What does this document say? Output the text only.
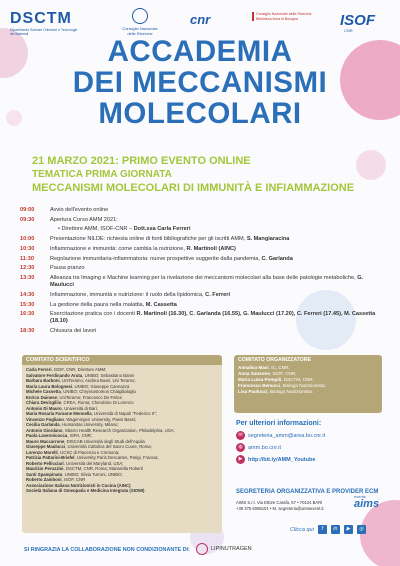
DSCTM
Dipartimento Scienze Chimiche e Tecnologie dei Materiali
Consiglio Nazionale delle Ricerche
cnr	Consiglio Nazionale delle Ricerche Biblioteca Area di Bologna	ISOF
CNR
ACCADEMIA
DEI MECCANISMI
MOLECOLARI
21 MARZO 2021: PRIMO EVENTO ONLINE
TEMATICA PRIMA GIORNATA
MECCANISMI MOLECOLARI DI IMMUNITÀ E INFIAMMAZIONE
09:00	Avvio dell'evento online
09:30	Apertura Corso AMM 2021:
• Direttore AMM, ISOF-CNR – Dott.ssa Carla Ferreri
10:00	Presentazione NILDE: richiesta online di fonti bibliografiche per gli iscritti AMM, S. Mangiaracina
10:30	Infiammazione e immunità: come cambia la nutrizione, R. Martinoli (AINC)
11:30	Regolazione immunitaria-infiammatoria: nuove prospettive suggerite dalla pandemia, C. Garlanda
12:30	Pausa pranzo
13:30	Alleanza tra Imaging e Machine learning per la rivelazione dei meccanismi molecolari alla base delle patologie metaboliche, G. Maulucci
14:30	Infiammazione, immunità e nutrizione: il ruolo della lipidomica, C. Ferreri
15:30	La gestione della paura nella malattia, M. Cassetta
16:30	Esercitazione pratica con i docenti R. Martinoli (16.30), C. Garlanda (16.55), G. Maulucci (17.20), C. Ferreri (17.45), M. Cassetta (18.10)
18:30	Chiusura dei lavori
COMITATO SCIENTIFICO
Carla Ferreri, ISOF, CNR, Direttore AMM;
Salvatore Ferdinando Aruta, UNIBO; Sebastiano Banni
Barbara Barboni, UniTeramo; Andrea Boari, Uni Teramo;
Maria Laura Bolognesi, UNIBO; Giuseppe Cannazza
Michele Cassetta, UNIBO; Chryssostomos Chatgilialoglu
Enrico Dainese, UniTeramo; Francesco De Felice
Chiara Devirgiliis, CREA, Roma; Cherubino Di Lorenzo
Antonio Di Mauro, Università di Bari;
Maria Rosaria Faraone Mennella, Università di Napoli "Federico II";
Vincenzo Fogliano, Wageningen University, Paesi Bassi;
Cecilia Garlanda, Humanitas University, Milano;
Antonio Giordano, Sbarro Health Research Organization, Philadelphia, USA;
Paola Lavermicocca, ISPA, CNR;
Mauro Maccarrone, DISCAB Università degli Studi dell'Aquila
Giuseppe Maulucci, Università Cattolica del Sacro Cuore, Roma;
Lorenzo Morelli, UCSC di Piacenza e Cremona;
Patrizia Pattarini-Briefel, University Paris Descartes, Parigi, Francia;
Roberto Pellicciari, Università del Maryland, USA;
Maurizio Peruzzini, DSCTM, CNR, Roma; Mariarella Roberti
Santi Spampinato, UNIBO; Silvia Turroni, UNIBO;
Roberto Zamboni, ISOF, CNR
Associazione Italiana Nutrizionisti in Cucina (AINC)
Società Italiana di Omeopatia e Medicina Integrata (SIOMI)
COMITATO ORGANIZZATORE
Annalisa Masi, IC, CNR;
Anna Sansone, ISOF, CNR;
Maria Luisa Pompili, DSCTM, CNR;
Francesco Benucci, Biologo Nutrizionista;
Lisa Paolucci, Biologo Nutrizionista.
Per ulteriori informazioni:
✉ segreteria_amm@area.bo.cnr.it
◍ amm.bo.cnr.it
▶	http://bit.ly/AMM_Youtube
SEGRETERIA ORGANIZZATIVA E PROVIDER ECM
AIMS S.r.l. Via Ettore Carafa, 57 • 70124 BARI
+39 375 6068101 • M. segreteria@aimsevent.it
events
aims
Clicca qui	f	in	▶	◎
SI RINGRAZIA LA COLLABORAZIONE NON CONDIZIONANTE DI:	LIPINUTRAGEN
